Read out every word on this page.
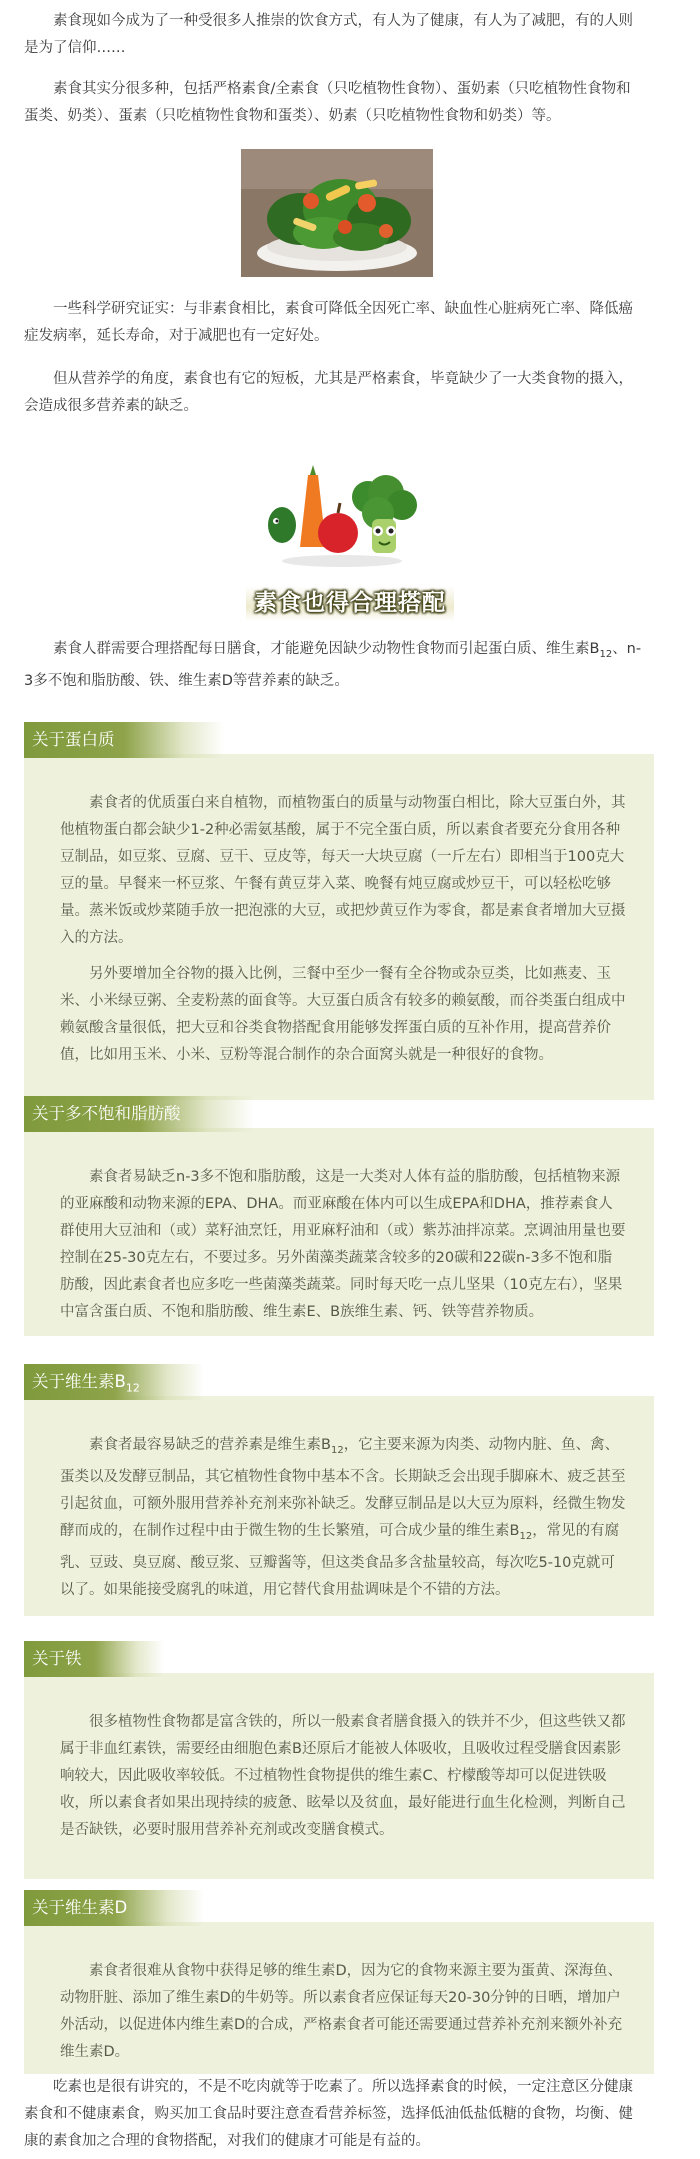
素食现如今成为了一种受很多人推崇的饮食方式，有人为了健康，有人为了减肥，有的人则是为了信仰……

素食其实分很多种，包括严格素食/全素食（只吃植物性食物）、蛋奶素（只吃植物性食物和蛋类、奶类）、蛋素（只吃植物性食物和蛋类）、奶素（只吃植物性食物和奶类）等。

一些科学研究证实：与非素食相比，素食可降低全因死亡率、缺血性心脏病死亡率、降低癌症发病率，延长寿命，对于减肥也有一定好处。

但从营养学的角度，素食也有它的短板，尤其是严格素食，毕竟缺少了一大类食物的摄入，会造成很多营养素的缺乏。

素食也得合理搭配

素食人群需要合理搭配每日膳食，才能避免因缺少动物性食物而引起蛋白质、维生素$B_{12}$、n-3多不饱和脂肪酸、铁、维生素D等营养素的缺乏。

关于蛋白质

素食者的优质蛋白来自植物，而植物蛋白的质量与动物蛋白相比，除大豆蛋白外，其他植物蛋白都会缺少1-2种必需氨基酸，属于不完全蛋白质，所以素食者要充分食用各种豆制品，如豆浆、豆腐、豆干、豆皮等，每天一大块豆腐（一斤左右）即相当于100克大豆的量。早餐来一杯豆浆、午餐有黄豆芽入菜、晚餐有炖豆腐或炒豆干，可以轻松吃够量。蒸米饭或炒菜随手放一把泡涨的大豆，或把炒黄豆作为零食，都是素食者增加大豆摄入的方法。

另外要增加全谷物的摄入比例，三餐中至少一餐有全谷物或杂豆类，比如燕麦、玉米、小米绿豆粥、全麦粉蒸的面食等。大豆蛋白质含有较多的赖氨酸，而谷类蛋白组成中赖氨酸含量很低，把大豆和谷类食物搭配食用能够发挥蛋白质的互补作用，提高营养价值，比如用玉米、小米、豆粉等混合制作的杂合面窝头就是一种很好的食物。

关于多不饱和脂肪酸

素食者易缺乏n-3多不饱和脂肪酸，这是一大类对人体有益的脂肪酸，包括植物来源的亚麻酸和动物来源的EPA、DHA。而亚麻酸在体内可以生成EPA和DHA，推荐素食人群使用大豆油和（或）菜籽油烹饪，用亚麻籽油和（或）紫苏油拌凉菜。烹调油用量也要控制在25-30克左右，不要过多。另外菌藻类蔬菜含较多的20碳和22碳n-3多不饱和脂肪酸，因此素食者也应多吃一些菌藻类蔬菜。同时每天吃一点儿坚果（10克左右），坚果中富含蛋白质、不饱和脂肪酸、维生素E、B族维生素、钙、铁等营养物质。

关于维生素$B_{12}$

素食者最容易缺乏的营养素是维生素$B_{12}$，它主要来源为肉类、动物内脏、鱼、禽、蛋类以及发酵豆制品，其它植物性食物中基本不含。长期缺乏会出现手脚麻木、疲乏甚至引起贫血，可额外服用营养补充剂来弥补缺乏。发酵豆制品是以大豆为原料，经微生物发酵而成的，在制作过程中由于微生物的生长繁殖，可合成少量的维生素$B_{12}$，常见的有腐乳、豆豉、臭豆腐、酸豆浆、豆瓣酱等，但这类食品多含盐量较高，每次吃5-10克就可以了。如果能接受腐乳的味道，用它替代食用盐调味是个不错的方法。

关于铁

很多植物性食物都是富含铁的，所以一般素食者膳食摄入的铁并不少，但这些铁又都属于非血红素铁，需要经由细胞色素B还原后才能被人体吸收，且吸收过程受膳食因素影响较大，因此吸收率较低。不过植物性食物提供的维生素C、柠檬酸等却可以促进铁吸收，所以素食者如果出现持续的疲惫、眩晕以及贫血，最好能进行血生化检测，判断自己是否缺铁，必要时服用营养补充剂或改变膳食模式。

关于维生素D

素食者很难从食物中获得足够的维生素D，因为它的食物来源主要为蛋黄、深海鱼、动物肝脏、添加了维生素D的牛奶等。所以素食者应保证每天20-30分钟的日晒，增加户外活动，以促进体内维生素D的合成，严格素食者可能还需要通过营养补充剂来额外补充维生素D。

吃素也是很有讲究的，不是不吃肉就等于吃素了。所以选择素食的时候，一定注意区分健康素食和不健康素食，购买加工食品时要注意查看营养标签，选择低油低盐低糖的食物，均衡、健康的素食加之合理的食物搭配，对我们的健康才可能是有益的。
